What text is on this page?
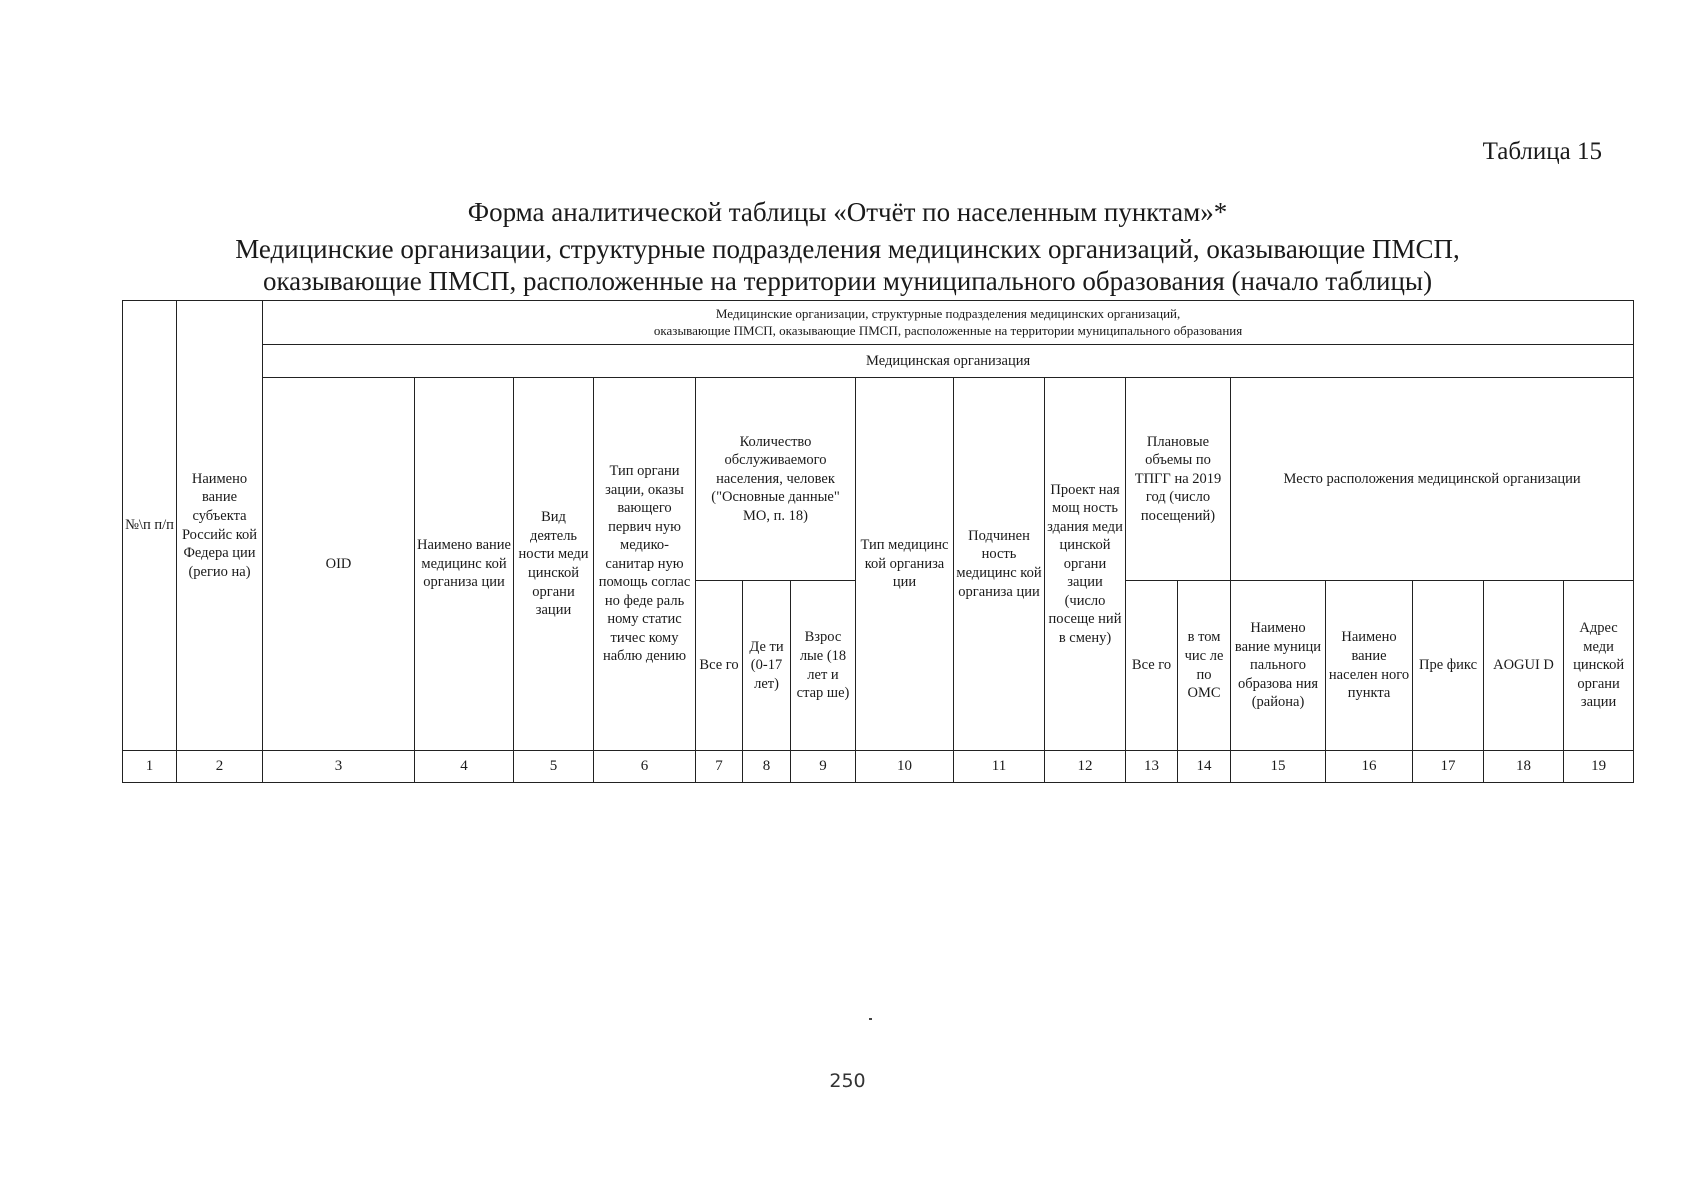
Таблица 15
Форма аналитической таблицы «Отчёт по населенным пунктам»*
Медицинские организации, структурные подразделения медицинских организаций, оказывающие ПМСП,
оказывающие ПМСП, расположенные на территории муниципального образования (начало таблицы)
№\п п/п	Наимено вание субъекта Российс кой Федера ции (регио на)	Медицинские организации, структурные подразделения медицинских организаций,
оказывающие ПМСП, оказывающие ПМСП, расположенные на территории муниципального образования																
		Медицинская организация																
		OID	Наимено вание медицинс кой организа ции	Вид деятель ности меди цинской органи зации	Тип органи зации, оказы вающего первич ную медико-санитар ную помощь соглас но феде раль ному статис тичес кому наблю дению	Количество обслуживаемого населения, человек ("Основные данные" МО, п. 18)			Тип медицинс кой организа ции	Подчинен ность медицинс кой организа ции	Проект ная мощ ность здания меди цинской органи зации (число посеще ний в смену)	Плановые объемы по ТПГГ на 2019 год (число посещений)		Место расположения медицинской организации				
						Все го	Де ти (0-17 лет)	Взрос лые (18 лет и стар ше)				Все го	в том чис ле по ОМС	Наимено вание муници пального образова ния (района)	Наимено вание населен ного пункта	Пре фикс	AOGUI D	Адрес меди цинской органи зации
1	2	3	4	5	6	7	8	9	10	11	12	13	14	15	16	17	18	19
250
